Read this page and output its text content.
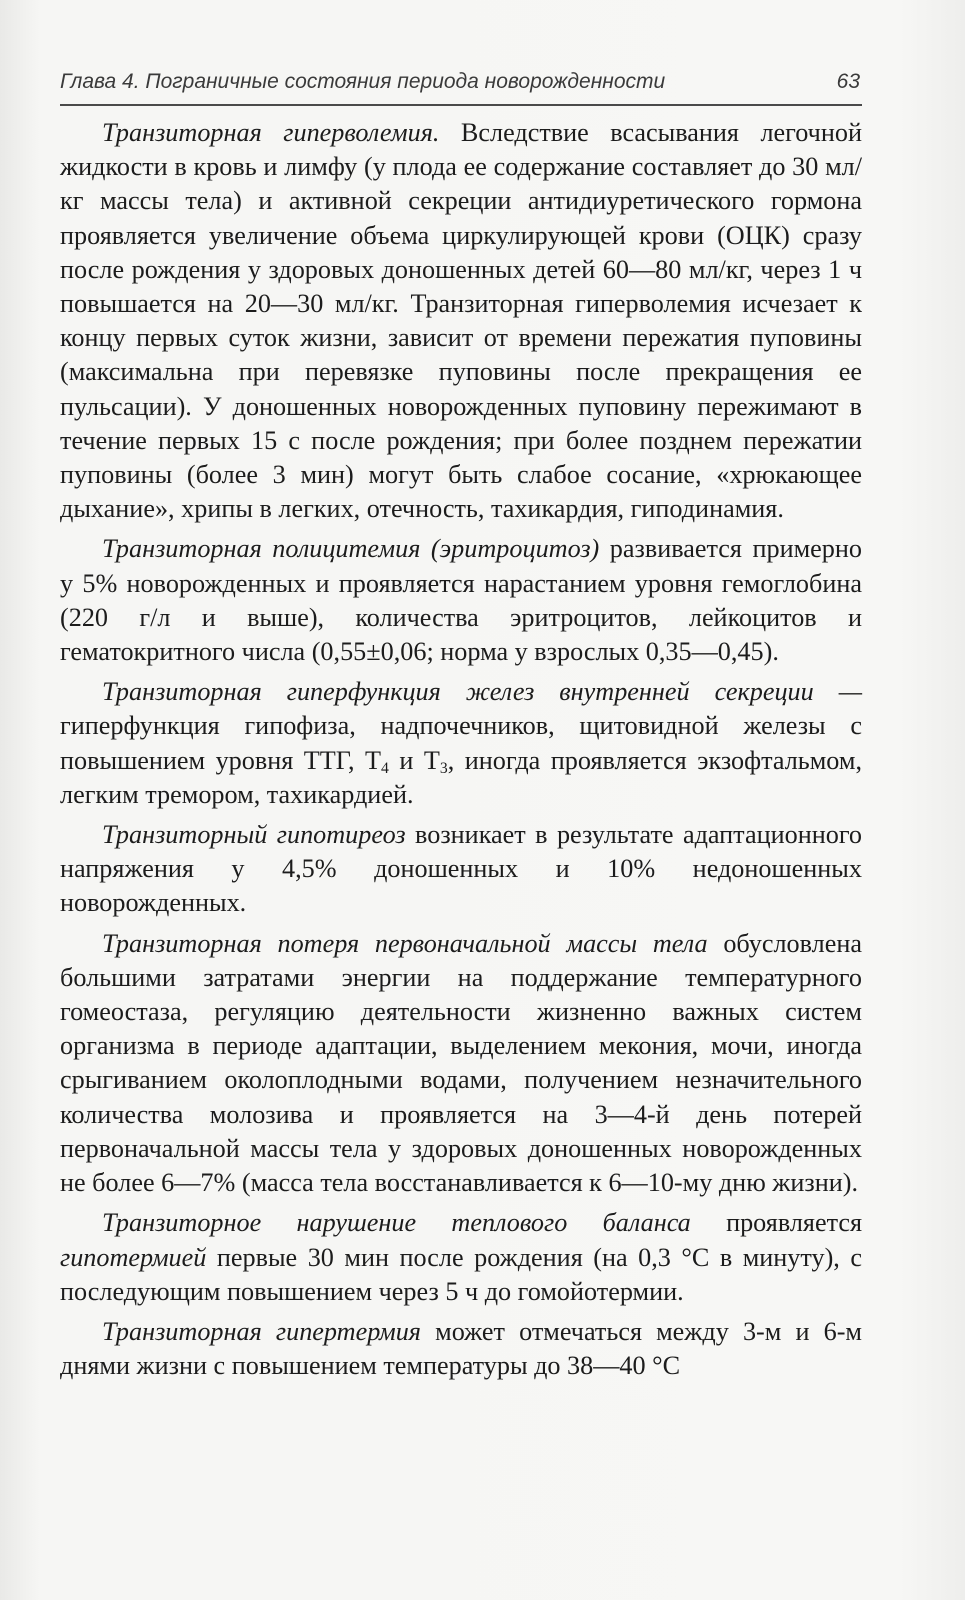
Глава 4. Пограничные состояния периода новорожденности	63

Транзиторная гиперволемия. Вследствие всасывания легочной жидкости в кровь и лимфу (у плода ее содержание составляет до 30 мл/кг массы тела) и активной секреции антидиуретического гормона проявляется увеличение объема циркулирующей крови (ОЦК) сразу после рождения у здоровых доношенных детей 60—80 мл/кг, через 1 ч повышается на 20—30 мл/кг. Транзиторная гиперволемия исчезает к концу первых суток жизни, зависит от времени пережатия пуповины (максимальна при перевязке пуповины после прекращения ее пульсации). У доношенных новорожденных пуповину пережимают в течение первых 15 с после рождения; при более позднем пережатии пуповины (более 3 мин) могут быть слабое сосание, «хрюкающее дыхание», хрипы в легких, отечность, тахикардия, гиподинамия.

Транзиторная полицитемия (эритроцитоз) развивается примерно у 5% новорожденных и проявляется нарастанием уровня гемоглобина (220 г/л и выше), количества эритроцитов, лейкоцитов и гематокритного числа (0,55±0,06; норма у взрослых 0,35—0,45).

Транзиторная гиперфункция желез внутренней секреции — гиперфункция гипофиза, надпочечников, щитовидной железы с повышением уровня ТТГ, $Т_4$ и $Т_3$, иногда проявляется экзофтальмом, легким тремором, тахикардией.

Транзиторный гипотиреоз возникает в результате адаптационного напряжения у 4,5% доношенных и 10% недоношенных новорожденных.

Транзиторная потеря первоначальной массы тела обусловлена большими затратами энергии на поддержание температурного гомеостаза, регуляцию деятельности жизненно важных систем организма в периоде адаптации, выделением мекония, мочи, иногда срыгиванием околоплодными водами, получением незначительного количества молозива и проявляется на 3—4-й день потерей первоначальной массы тела у здоровых доношенных новорожденных не более 6—7% (масса тела восстанавливается к 6—10-му дню жизни).

Транзиторное нарушение теплового баланса проявляется гипотермией первые 30 мин после рождения (на 0,3 °С в минуту), с последующим повышением через 5 ч до гомойотермии.

Транзиторная гипертермия может отмечаться между 3-м и 6-м днями жизни с повышением температуры до 38—40 °С
